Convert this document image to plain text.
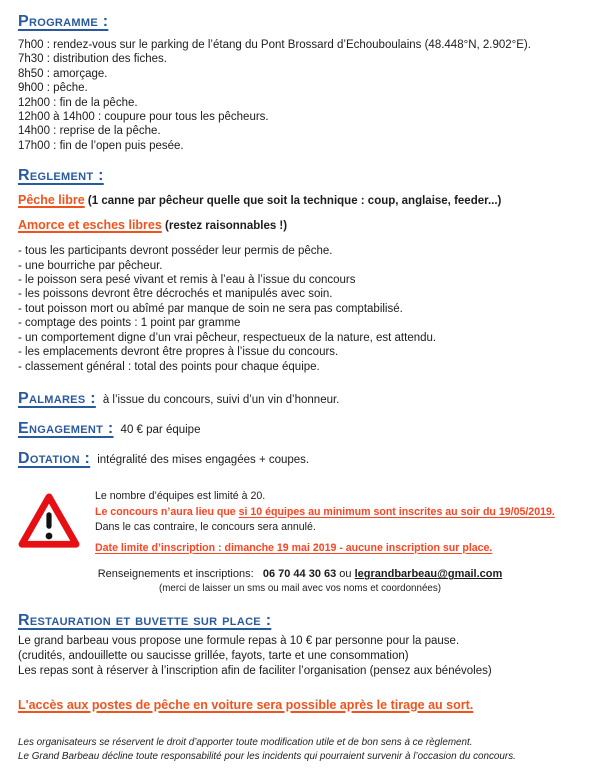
Programme :
7h00 : rendez-vous sur le parking de l’étang du Pont Brossard d’Echouboulains (48.448°N, 2.902°E).
7h30 : distribution des fiches.
8h50 : amorçage.
9h00 : pêche.
12h00 : fin de la pêche.
12h00 à 14h00 : coupure pour tous les pêcheurs.
14h00 : reprise de la pêche.
17h00 : fin de l’open puis pesée.
Reglement :
Pêche libre (1 canne par pêcheur quelle que soit la technique : coup, anglaise, feeder...)
Amorce et esches libres (restez raisonnables !)
- tous les participants devront posséder leur permis de pêche.
- une bourriche par pêcheur.
- le poisson sera pesé vivant et remis à l’eau à l’issue du concours
- les poissons devront être décrochés et manipulés avec soin.
- tout poisson mort ou abîmé par manque de soin ne sera pas comptabilisé.
- comptage des points : 1 point par gramme
- un comportement digne d’un vrai pêcheur, respectueux de la nature, est attendu.
- les emplacements devront être propres à l’issue du concours.
- classement général : total des points pour chaque équipe.
Palmares : à l’issue du concours, suivi d’un vin d’honneur.
Engagement : 40 € par équipe
Dotation : intégralité des mises engagées + coupes.
Le nombre d’équipes est limité à 20.
Le concours n’aura lieu que si 10 équipes au minimum sont inscrites au soir du 19/05/2019.
Dans le cas contraire, le concours sera annulé.
Date limite d’inscription : dimanche 19 mai 2019 - aucune inscription sur place.
Renseignements et inscriptions: 06 70 44 30 63 ou legrandbarbeau@gmail.com
(merci de laisser un sms ou mail avec vos noms et coordonnées)
Restauration et buvette sur place :
Le grand barbeau vous propose une formule repas à 10 € par personne pour la pause.
(crudités, andouillette ou saucisse grillée, fayots, tarte et une consommation)
Les repas sont à réserver à l’inscription afin de faciliter l’organisation (pensez aux bénévoles)
L'accès aux postes de pêche en voiture sera possible après le tirage au sort.
Les organisateurs se réservent le droit d’apporter toute modification utile et de bon sens à ce règlement.
Le Grand Barbeau décline toute responsabilité pour les incidents qui pourraient survenir à l’occasion du concours.
